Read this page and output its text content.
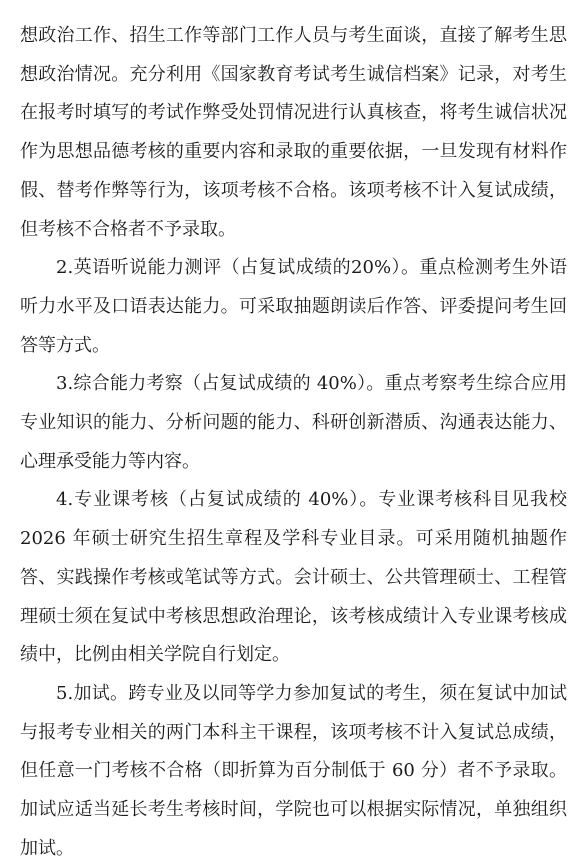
想政治工作、招生工作等部门工作人员与考生面谈，直接了解考生思想政治情况。充分利用《国家教育考试考生诚信档案》记录，对考生在报考时填写的考试作弊受处罚情况进行认真核查，将考生诚信状况作为思想品德考核的重要内容和录取的重要依据，一旦发现有材料作假、替考作弊等行为，该项考核不合格。该项考核不计入复试成绩，但考核不合格者不予录取。

2.英语听说能力测评（占复试成绩的20%）。重点检测考生外语听力水平及口语表达能力。可采取抽题朗读后作答、评委提问考生回答等方式。

3.综合能力考察（占复试成绩的 40%）。重点考察考生综合应用专业知识的能力、分析问题的能力、科研创新潜质、沟通表达能力、心理承受能力等内容。

4.专业课考核（占复试成绩的 40%）。专业课考核科目见我校 2026 年硕士研究生招生章程及学科专业目录。可采用随机抽题作答、实践操作考核或笔试等方式。会计硕士、公共管理硕士、工程管理硕士须在复试中考核思想政治理论，该考核成绩计入专业课考核成绩中，比例由相关学院自行划定。

5.加试。跨专业及以同等学力参加复试的考生，须在复试中加试与报考专业相关的两门本科主干课程，该项考核不计入复试总成绩，但任意一门考核不合格（即折算为百分制低于 60 分）者不予录取。加试应适当延长考生考核时间，学院也可以根据实际情况，单独组织加试。
